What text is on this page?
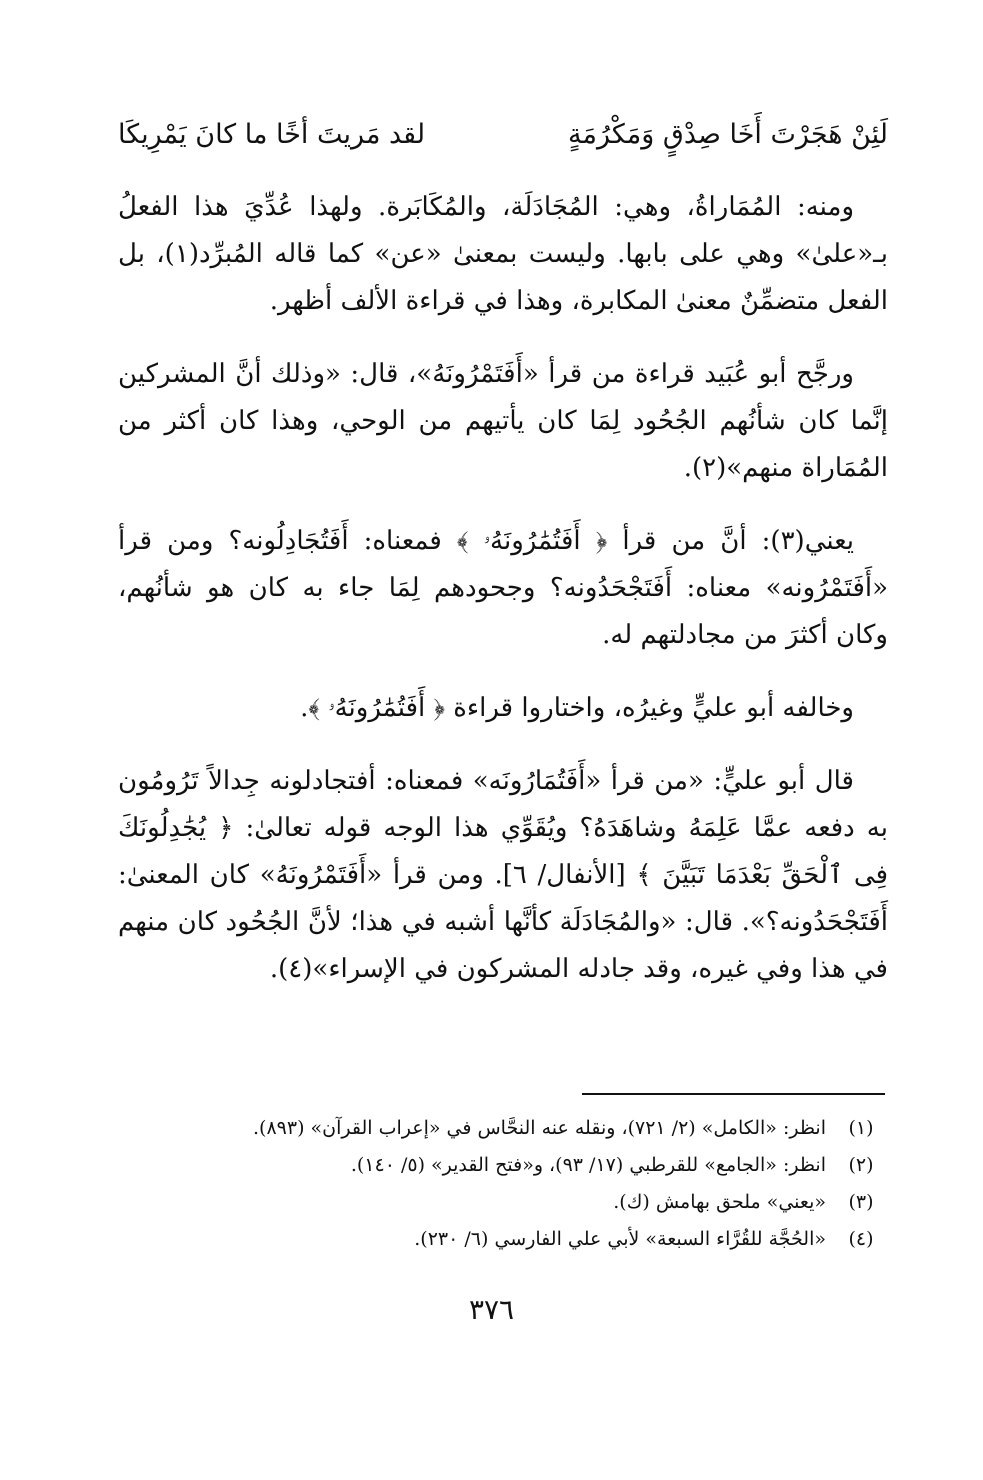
لَئِنْ هَجَرْتَ أَخَا صِدْقٍ وَمَكْرُمَةٍ
لقد مَريتَ أخًا ما كانَ يَمْرِيكَا

ومنه: المُمَاراةُ، وهي: المُجَادَلَة، والمُكَابَرة. ولهذا عُدِّيَ هذا الفعلُ بـ«علىٰ» وهي على بابها. وليست بمعنىٰ «عن» كما قاله المُبرِّد(١)، بل الفعل متضمِّنٌ معنىٰ المكابرة، وهذا في قراءة الألف أظهر.

ورجَّح أبو عُبَيد قراءة من قرأ «أَفَتَمْرُونَهُ»، قال: «وذلك أنَّ المشركين إنَّما كان شأنُهم الجُحُود لِمَا كان يأتيهم من الوحي، وهذا كان أكثر من المُمَاراة منهم»(٢).

يعني(٣): أنَّ من قرأ ﴿ أَفَتُمَٰرُونَهُۥ ﴾ فمعناه: أَفَتُجَادِلُونه؟ ومن قرأ «أَفَتَمْرُونه» معناه: أَفَتَجْحَدُونه؟ وجحودهم لِمَا جاء به كان هو شأنُهم، وكان أكثرَ من مجادلتهم له.

وخالفه أبو عليٍّ وغيرُه، واختاروا قراءة ﴿ أَفَتُمَٰرُونَهُۥ ﴾.

قال أبو عليٍّ: «من قرأ «أَفَتُمَارُونَه» فمعناه: أفتجادلونه جِدالاً تَرُومُون به دفعه عمَّا عَلِمَهُ وشاهَدَهُ؟ ويُقَوِّي هذا الوجه قوله تعالىٰ: ﴿ يُجَٰدِلُونَكَ فِى ٱلْحَقِّ بَعْدَمَا تَبَيَّنَ ﴾ [الأنفال/ ٦]. ومن قرأ «أَفَتَمْرُونَهُ» كان المعنىٰ: أَفَتَجْحَدُونه؟». قال: «والمُجَادَلَة كأنَّها أشبه في هذا؛ لأنَّ الجُحُود كان منهم في هذا وفي غيره، وقد جادله المشركون في الإسراء»(٤).

(١)
انظر: «الكامل» (٢/ ٧٢١)، ونقله عنه النحَّاس في «إعراب القرآن» (٨٩٣).
(٢)
انظر: «الجامع» للقرطبي (١٧/ ٩٣)، و«فتح القدير» (٥/ ١٤٠).
(٣)
«يعني» ملحق بهامش (ك).
(٤)
«الحُجَّة للقُرَّاء السبعة» لأبي علي الفارسي (٦/ ٢٣٠).
٣٧٦
